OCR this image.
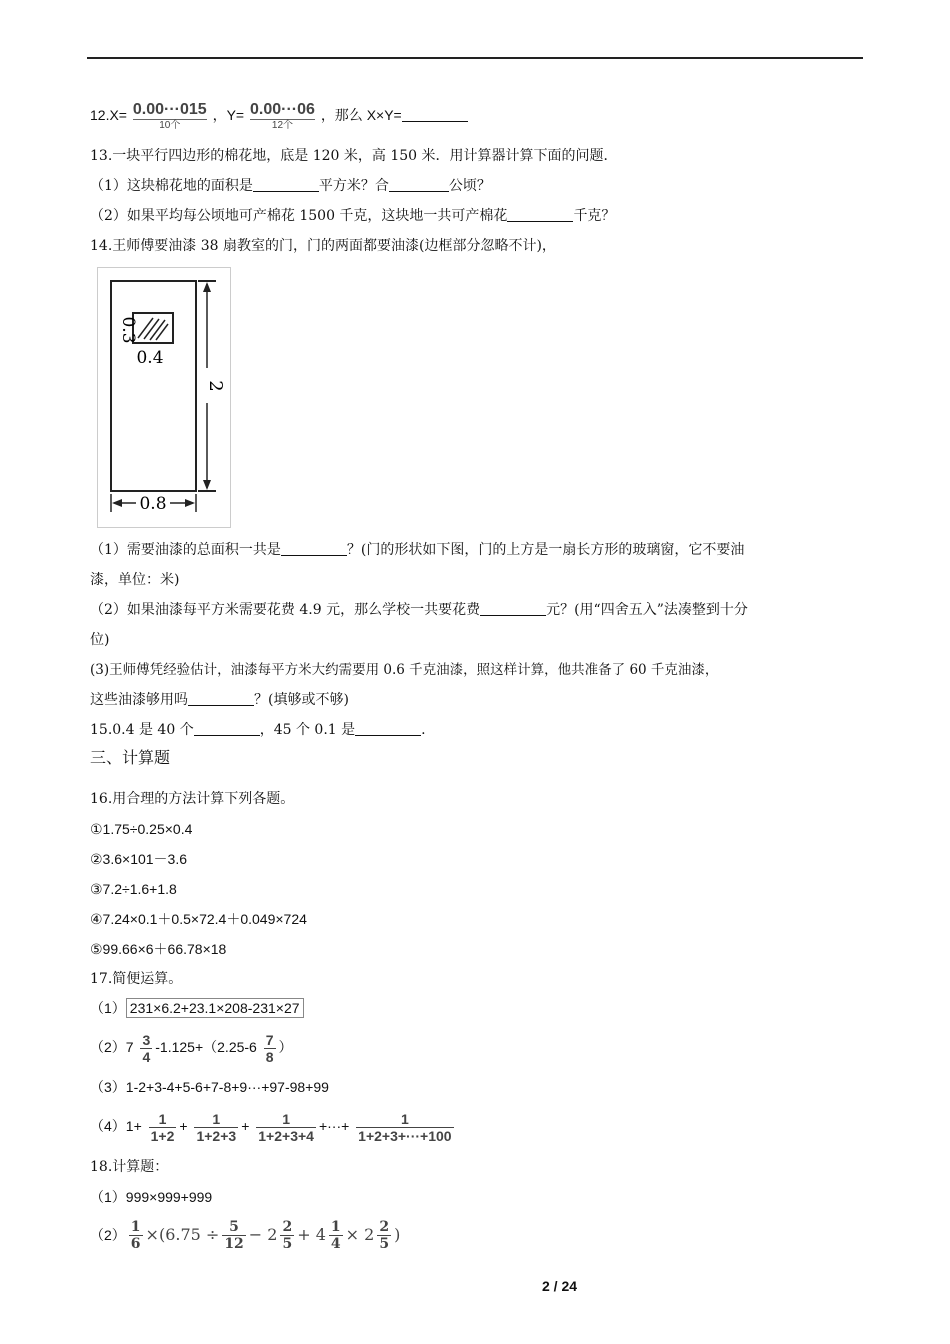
12.X= 0.00···015
10个
，Y= 0.00···06
12个
，那么 X×Y=
13.一块平行四边形的棉花地，底是 120 米，高 150 米．用计算器计算下面的问题．
（1）这块棉花地的面积是	平方米？合	公顷？
（2）如果平均每公顷地可产棉花 1500 千克，这块地一共可产棉花	千克？
14.王师傅要油漆 38 扇教室的门，门的两面都要油漆(边框部分忽略不计)，
0.3
0.4
2
0.8
（1）需要油漆的总面积一共是	？(门的形状如下图，门的上方是一扇长方形的玻璃窗，它不要油
漆，单位：米)
（2）如果油漆每平方米需要花费 4.9 元，那么学校一共要花费	元？(用“四舍五入”法凑整到十分
位)
(3)王师傅凭经验估计，油漆每平方米大约需要用 0.6 千克油漆，照这样计算，他共准备了 60 千克油漆，
这些油漆够用吗	？(填够或不够)
15.0.4 是 40 个	，45 个 0.1 是	.
三、计算题
16.用合理的方法计算下列各题。
①1.75÷0.25×0.4
②3.6×101－3.6
③7.2÷1.6+1.8
④7.24×0.1＋0.5×72.4＋0.049×724
⑤99.66×6＋66.78×18
17.简便运算。
（1） 231×6.2+23.1×208-231×27
$(2)7 \frac{3}{4} -1.125+(2.25-6 \frac{7}{8}$ ）
（3）1-2+3-4+5-6+7-8+9···+97-98+99
$(4)1+ \frac{1}{1+2} + \frac{1}{1+2+3} + \frac{1}{1+2+3+4}$ +···+ $\frac{1}{1+2+3+\cdot\cdot\cdot+100}$
18.计算题：
（1）999×999+999
$(2) \frac{1}{6} \times(6.75 \div \frac{5}{12} - 2 \frac{2}{5} + 4 \frac{1}{4} \times 2 \frac{2}{5}$ )
2 / 24
